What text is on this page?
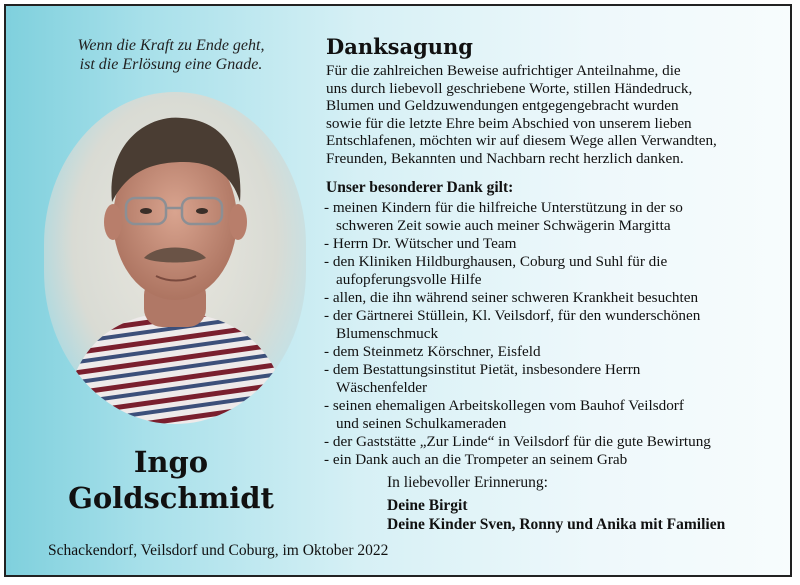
Wenn die Kraft zu Ende geht,
ist die Erlösung eine Gnade.
Ingo
Goldschmidt
Danksagung
Für die zahlreichen Beweise aufrichtiger Anteilnahme, die
uns durch liebevoll geschriebene Worte, stillen Händedruck,
Blumen und Geldzuwendungen entgegengebracht wurden
sowie für die letzte Ehre beim Abschied von unserem lieben
Entschlafenen, möchten wir auf diesem Wege allen Verwandten,
Freunden, Bekannten und Nachbarn recht herzlich danken.
Unser besonderer Dank gilt:
- meinen Kindern für die hilfreiche Unterstützung in der so
schweren Zeit sowie auch meiner Schwägerin Margitta
- Herrn Dr. Wütscher und Team
- den Kliniken Hildburghausen, Coburg und Suhl für die
aufopferungsvolle Hilfe
- allen, die ihn während seiner schweren Krankheit besuchten
- der Gärtnerei Stüllein, Kl. Veilsdorf, für den wunderschönen
Blumenschmuck
- dem Steinmetz Körschner, Eisfeld
- dem Bestattungsinstitut Pietät, insbesondere Herrn
Wäschenfelder
- seinen ehemaligen Arbeitskollegen vom Bauhof Veilsdorf
und seinen Schulkameraden
- der Gaststätte „Zur Linde“ in Veilsdorf für die gute Bewirtung
- ein Dank auch an die Trompeter an seinem Grab
In liebevoller Erinnerung:
Deine Birgit
Deine Kinder Sven, Ronny und Anika mit Familien
Schackendorf, Veilsdorf und Coburg, im Oktober 2022
